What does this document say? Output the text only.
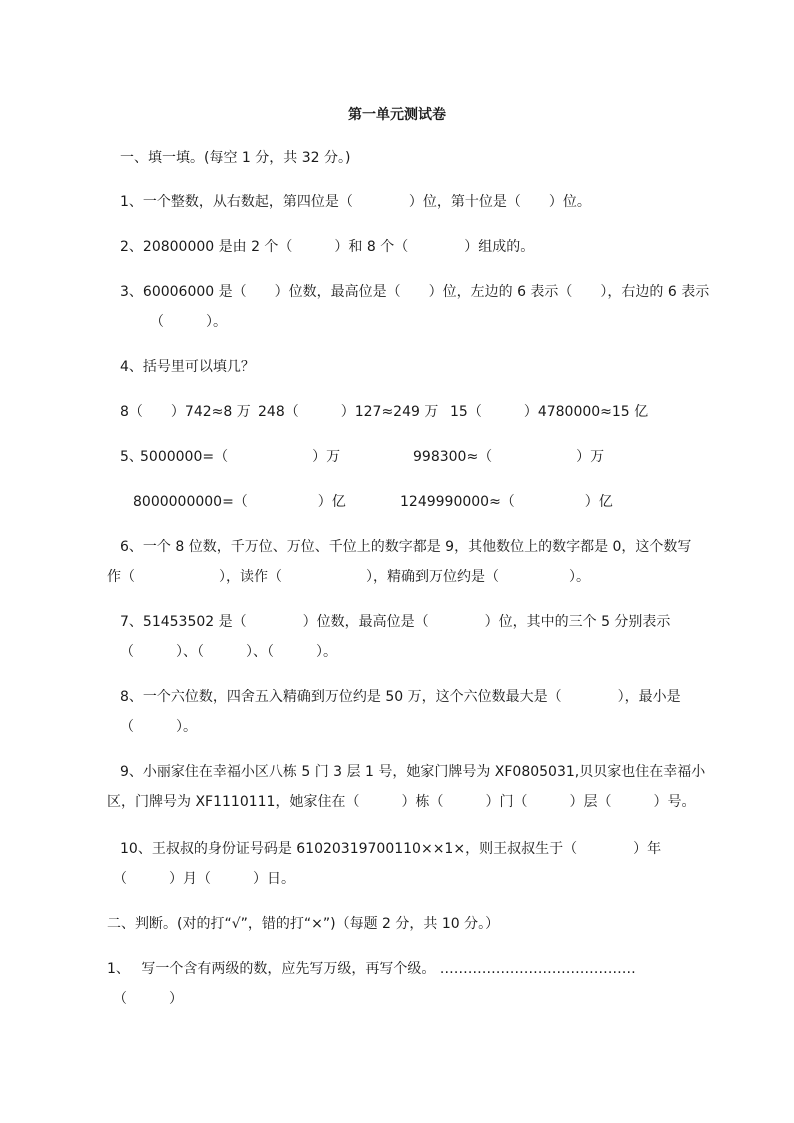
第一单元测试卷
一、填一填。(每空 1 分，共 32 分。)
1、一个整数，从右数起，第四位是（　　　　）位，第十位是（　　）位。
2、20800000 是由 2 个（　　　）和 8 个（　　　　）组成的。
3、60006000 是（　　）位数，最高位是（　　）位，左边的 6 表示（　　），右边的 6 表示
（　　　）。
4、括号里可以填几？
8（　　）742≈8 万 248（　　　）127≈249 万 15（　　　）4780000≈15 亿
5、
5000000=（　　　　　　）万	998300≈（　　　　　　）万
8000000000=（　　　　　）亿	1249990000≈（　　　　　）亿
6、一个 8 位数，千万位、万位、千位上的数字都是 9，其他数位上的数字都是 0，这个数写
作（　　　　　　），读作（　　　　　　），精确到万位约是（　　　　　）。
7、51453502 是（　　　　）位数，最高位是（　　　　）位，其中的三个 5 分别表示
（　　　）、（　　　）、（　　　）。
8、一个六位数，四舍五入精确到万位约是 50 万，这个六位数最大是（　　　　），最小是
（　　　）。
9、小丽家住在幸福小区八栋 5 门 3 层 1 号，她家门牌号为 XF0805031,贝贝家也住在幸福小
区，门牌号为 XF1110111，她家住在（　　　）栋（　　　）门（　　　）层（　　　）号。
10、王叔叔的身份证号码是 61020319700110××1×，则王叔叔生于（　　　　）年
（　　　）月（　　　）日。
二、判断。(对的打“√”，错的打“×”)（每题 2 分，共 10 分。）
1、　 写一个含有两级的数，应先写万级，再写个级。 ……………………………………
（　　　）
